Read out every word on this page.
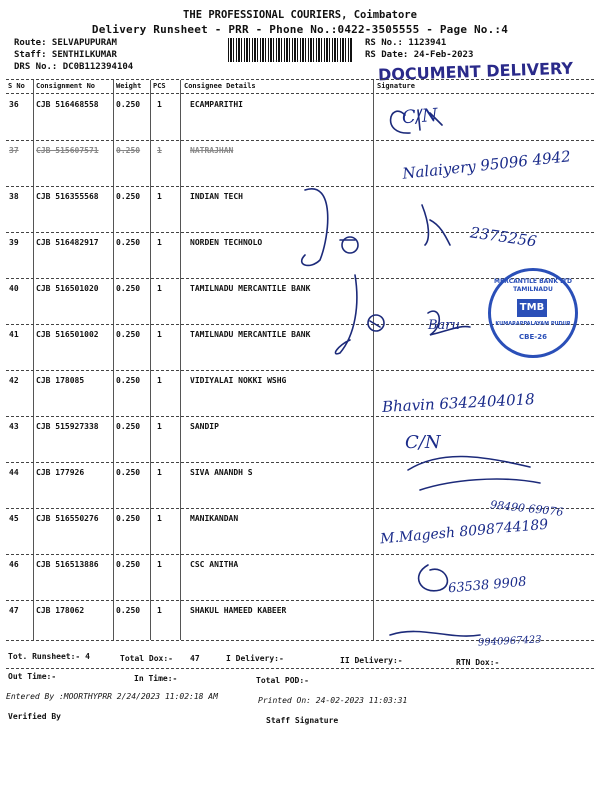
THE PROFESSIONAL COURIERS, Coimbatore
Delivery Runsheet - PRR - Phone No.:0422-3505555 - Page No.:4
Route: SELVAPUPURAM
Staff: SENTHILKUMAR
DRS No.: DC0B112394104
RS No.: 1123941
RS Date: 24-Feb-2023
DOCUMENT DELIVERY
S No Consignment No	Weight PCS	Consignee Details	Signature
36 CJB 516468558 0.250 1	ECAMPARITHI
37 CJB 515607571 0.250 1	NATRAJHAN
38 CJB 516355568 0.250 1	INDIAN TECH
39 CJB 516482917 0.250 1	NORDEN TECHNOLO
40 CJB 516501020 0.250 1	TAMILNADU MERCANTILE BANK
41 CJB 516501002 0.250 1	TAMILNADU MERCANTILE BANK
42 CJB 178085	0.250 1	VIDIYALAI NOKKI WSHG
43 CJB 515927338 0.250 1	SANDIP
44 CJB 177926	0.250 1	SIVA ANANDH S
45 CJB 516550276 0.250 1	MANIKANDAN
46 CJB 516513886 0.250 1	CSC ANITHA
47 CJB 178062	0.250 1	SHAKUL HAMEED KABEER
Nalaiyery 95096 4942
C/N
2375256
Baru
Bhavin 6342404018
C/N
98490 69076
M.Magesh 8098744189
63538 9908
9940967423
MERCANTILE BANK LTD
TAMILNADU
TMB
KUMARAPPALAYAM PUDUR
CBE-26
Tot. Runsheet:- 4	Total Dox:- 47	I Delivery:-	II Delivery:-	RTN Dox:-
Out Time:-	In Time:-	Total POD:-
Entered By :MOORTHYPRR 2/24/2023 11:02:18 AM	Printed On: 24-02-2023 11:03:31
Verified By	Staff Signature
